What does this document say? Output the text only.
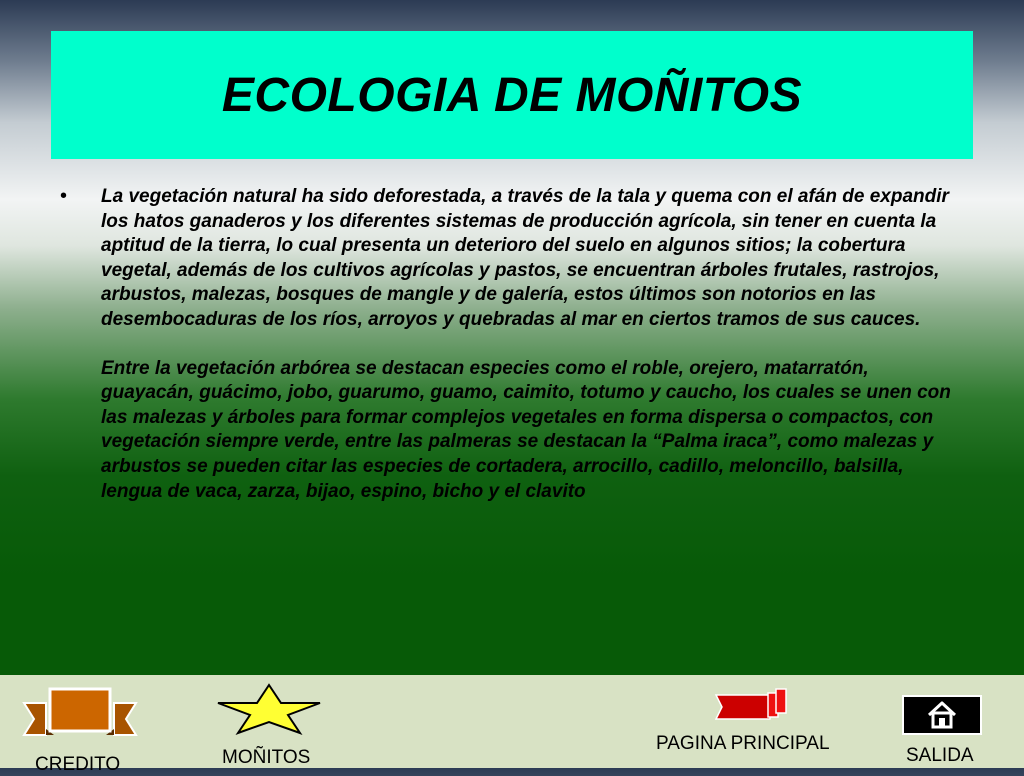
ECOLOGIA DE MOÑITOS
• La vegetación natural ha sido deforestada, a través de la tala y quema con el afán de expandir los hatos ganaderos y los diferentes sistemas de producción agrícola, sin tener en cuenta la aptitud de la tierra, lo cual presenta un deterioro del suelo en algunos sitios; la cobertura vegetal, además de los cultivos agrícolas y pastos, se encuentran árboles frutales, rastrojos, arbustos, malezas, bosques de mangle y de galería, estos últimos son notorios en las desembocaduras de los ríos, arroyos y quebradas al mar en ciertos tramos de sus cauces.

Entre la vegetación arbórea se destacan especies como el roble, orejero, matarratón, guayacán, guácimo, jobo, guarumo, guamo, caimito, totumo y caucho, los cuales se unen con las malezas y árboles para formar complejos vegetales en forma dispersa o compactos, con vegetación siempre verde, entre las palmeras se destacan la “Palma iraca”, como malezas y arbustos se pueden citar las especies de cortadera, arrocillo, cadillo, meloncillo, balsilla, lengua de vaca, zarza, bijao, espino, bicho y el clavito

CREDITO	MOÑITOS
PAGINA PRINCIPAL
SALIDA
